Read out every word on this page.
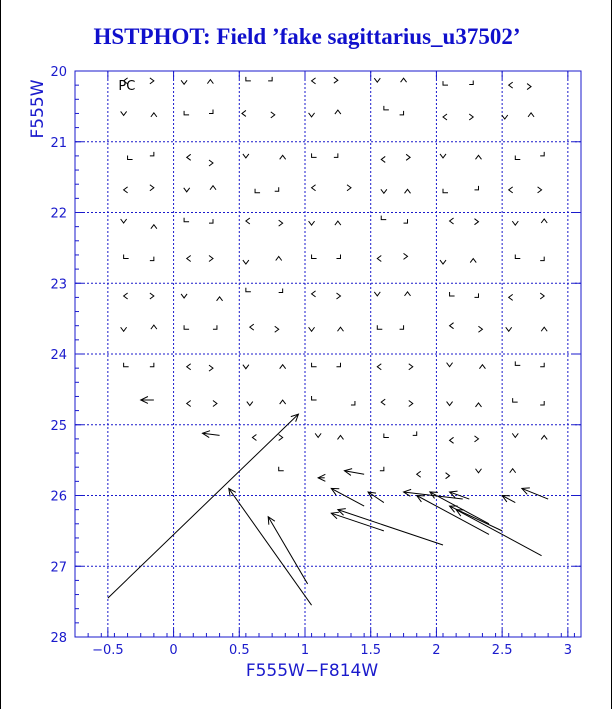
HSTPHOT: Field ’fake sagittarius_u37502’
−0.5	0	0.5	1	1.5	2	2.5	3
20
21
22
23
24
25
26
27
28
PC
F555W−F814W
F555W
